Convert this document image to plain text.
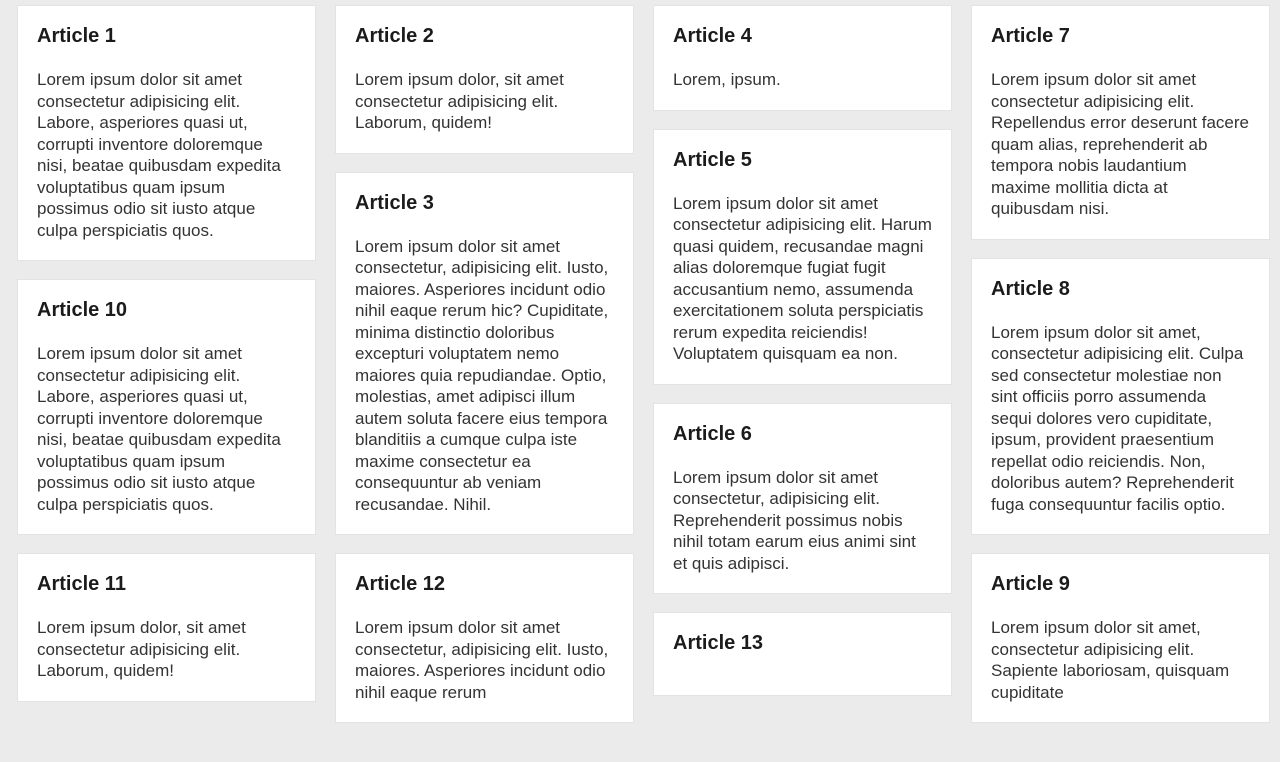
Article 1

Lorem ipsum dolor sit amet consectetur adipisicing elit. Labore, asperiores quasi ut, corrupti inventore doloremque nisi, beatae quibusdam expedita voluptatibus quam ipsum possimus odio sit iusto atque culpa perspiciatis quos.

Article 10

Lorem ipsum dolor sit amet consectetur adipisicing elit. Labore, asperiores quasi ut, corrupti inventore doloremque nisi, beatae quibusdam expedita voluptatibus quam ipsum possimus odio sit iusto atque culpa perspiciatis quos.

Article 11

Lorem ipsum dolor, sit amet consectetur adipisicing elit. Laborum, quidem!

Article 2

Lorem ipsum dolor, sit amet consectetur adipisicing elit. Laborum, quidem!

Article 3

Lorem ipsum dolor sit amet consectetur, adipisicing elit. Iusto, maiores. Asperiores incidunt odio nihil eaque rerum hic? Cupiditate, minima distinctio doloribus excepturi voluptatem nemo maiores quia repudiandae. Optio, molestias, amet adipisci illum autem soluta facere eius tempora blanditiis a cumque culpa iste maxime consectetur ea consequuntur ab veniam recusandae. Nihil.

Article 12

Lorem ipsum dolor sit amet consectetur, adipisicing elit. Iusto, maiores. Asperiores incidunt odio nihil eaque rerum

Article 4

Lorem, ipsum.

Article 5

Lorem ipsum dolor sit amet consectetur adipisicing elit. Harum quasi quidem, recusandae magni alias doloremque fugiat fugit accusantium nemo, assumenda exercitationem soluta perspiciatis rerum expedita reiciendis! Voluptatem quisquam ea non.

Article 6

Lorem ipsum dolor sit amet consectetur, adipisicing elit. Reprehenderit possimus nobis nihil totam earum eius animi sint et quis adipisci.

Article 13

Article 7

Lorem ipsum dolor sit amet consectetur adipisicing elit. Repellendus error deserunt facere quam alias, reprehenderit ab tempora nobis laudantium maxime mollitia dicta at quibusdam nisi.

Article 8

Lorem ipsum dolor sit amet, consectetur adipisicing elit. Culpa sed consectetur molestiae non sint officiis porro assumenda sequi dolores vero cupiditate, ipsum, provident praesentium repellat odio reiciendis. Non, doloribus autem? Reprehenderit fuga consequuntur facilis optio.

Article 9

Lorem ipsum dolor sit amet, consectetur adipisicing elit. Sapiente laboriosam, quisquam cupiditate
